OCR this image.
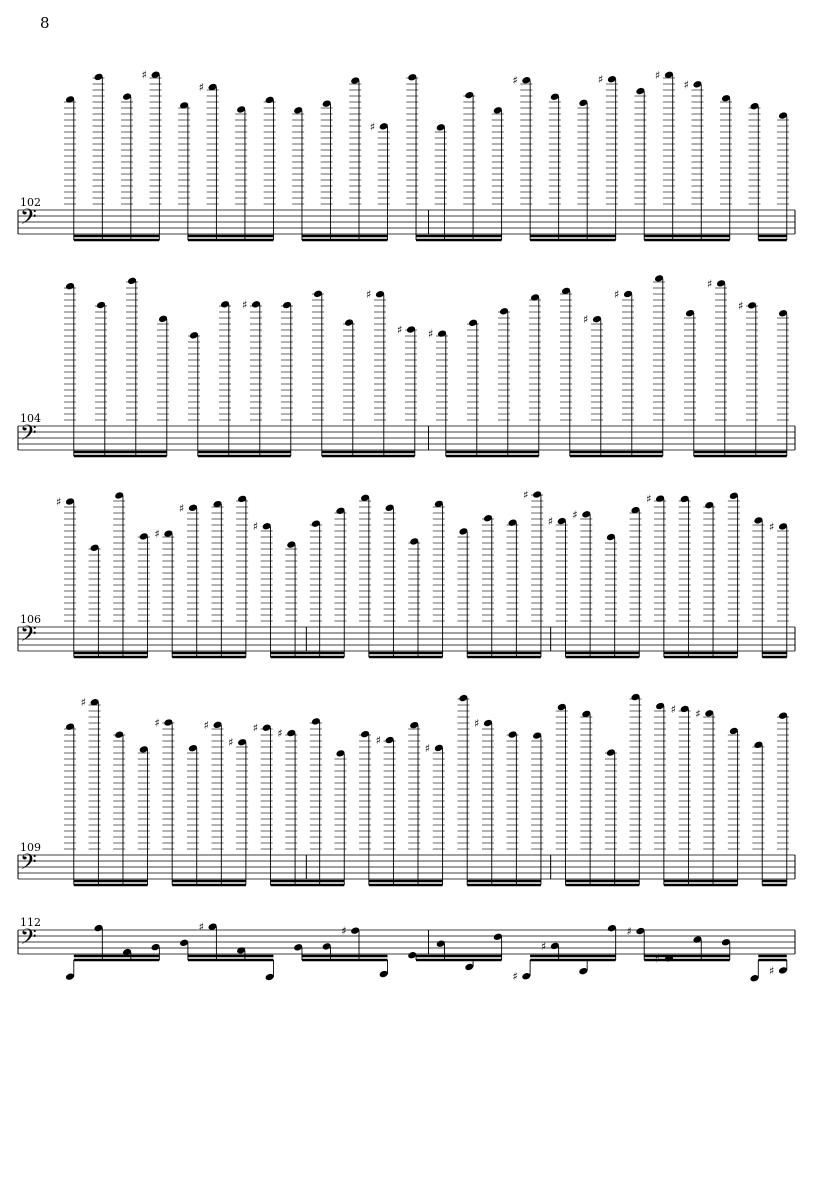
8
102
𝄢
♯
♯
♯
♯	♯	♯
♯
104
𝄢
♯
♯
♯ ♯
♯
♯
♯
♯
106
𝄢
♯
♯
♯
♯
♯
♯
♯
♯
♯
109
𝄢
♯
♯	♯
♯
♯ ♯
♯
♯
♯
♯ ♯
112
𝄢	♯	♯
♯
♯
♯
♯
♯
